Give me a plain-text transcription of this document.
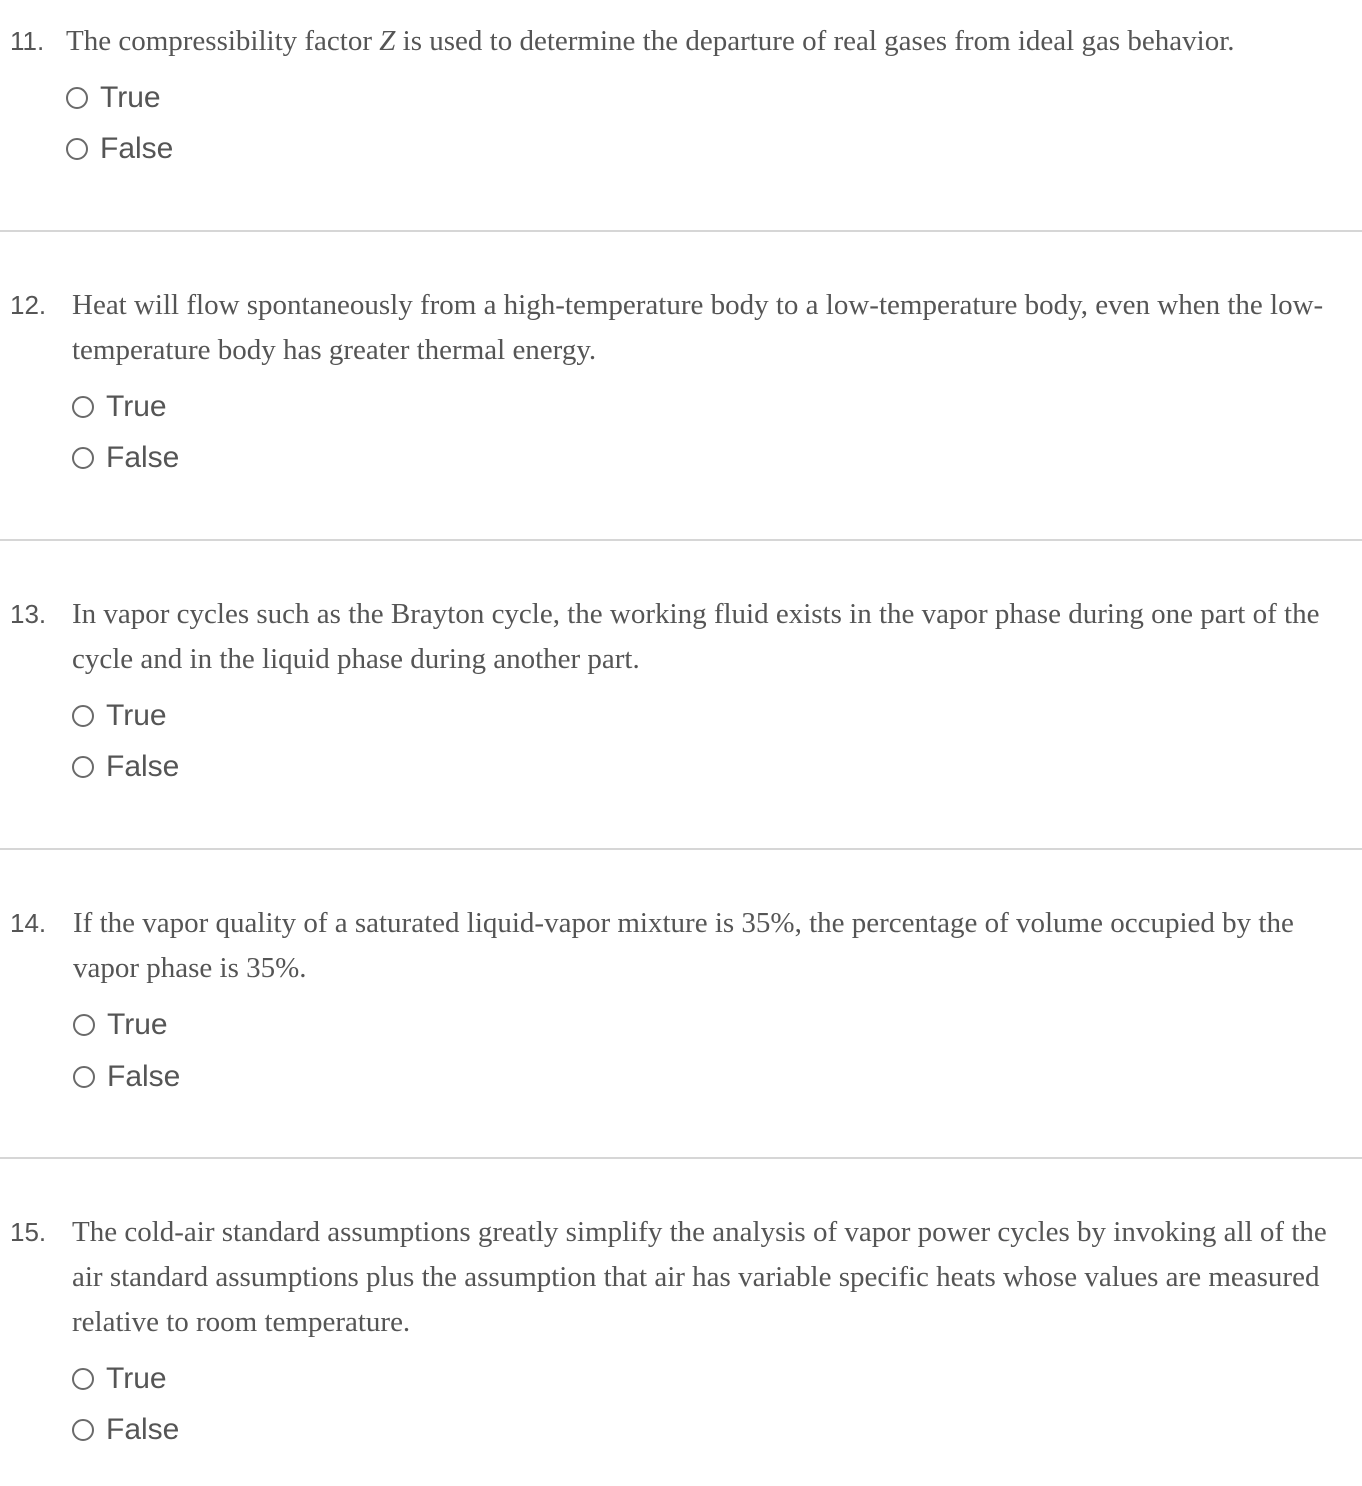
11. The compressibility factor Z is used to determine the departure of real gases from ideal gas behavior.
True
False
12. Heat will flow spontaneously from a high-temperature body to a low-temperature body, even when the low-temperature body has greater thermal energy.
True
False
13. In vapor cycles such as the Brayton cycle, the working fluid exists in the vapor phase during one part of the cycle and in the liquid phase during another part.
True
False
14. If the vapor quality of a saturated liquid-vapor mixture is 35%, the percentage of volume occupied by the vapor phase is 35%.
True
False
15. The cold-air standard assumptions greatly simplify the analysis of vapor power cycles by invoking all of the air standard assumptions plus the assumption that air has variable specific heats whose values are measured relative to room temperature.
True
False
